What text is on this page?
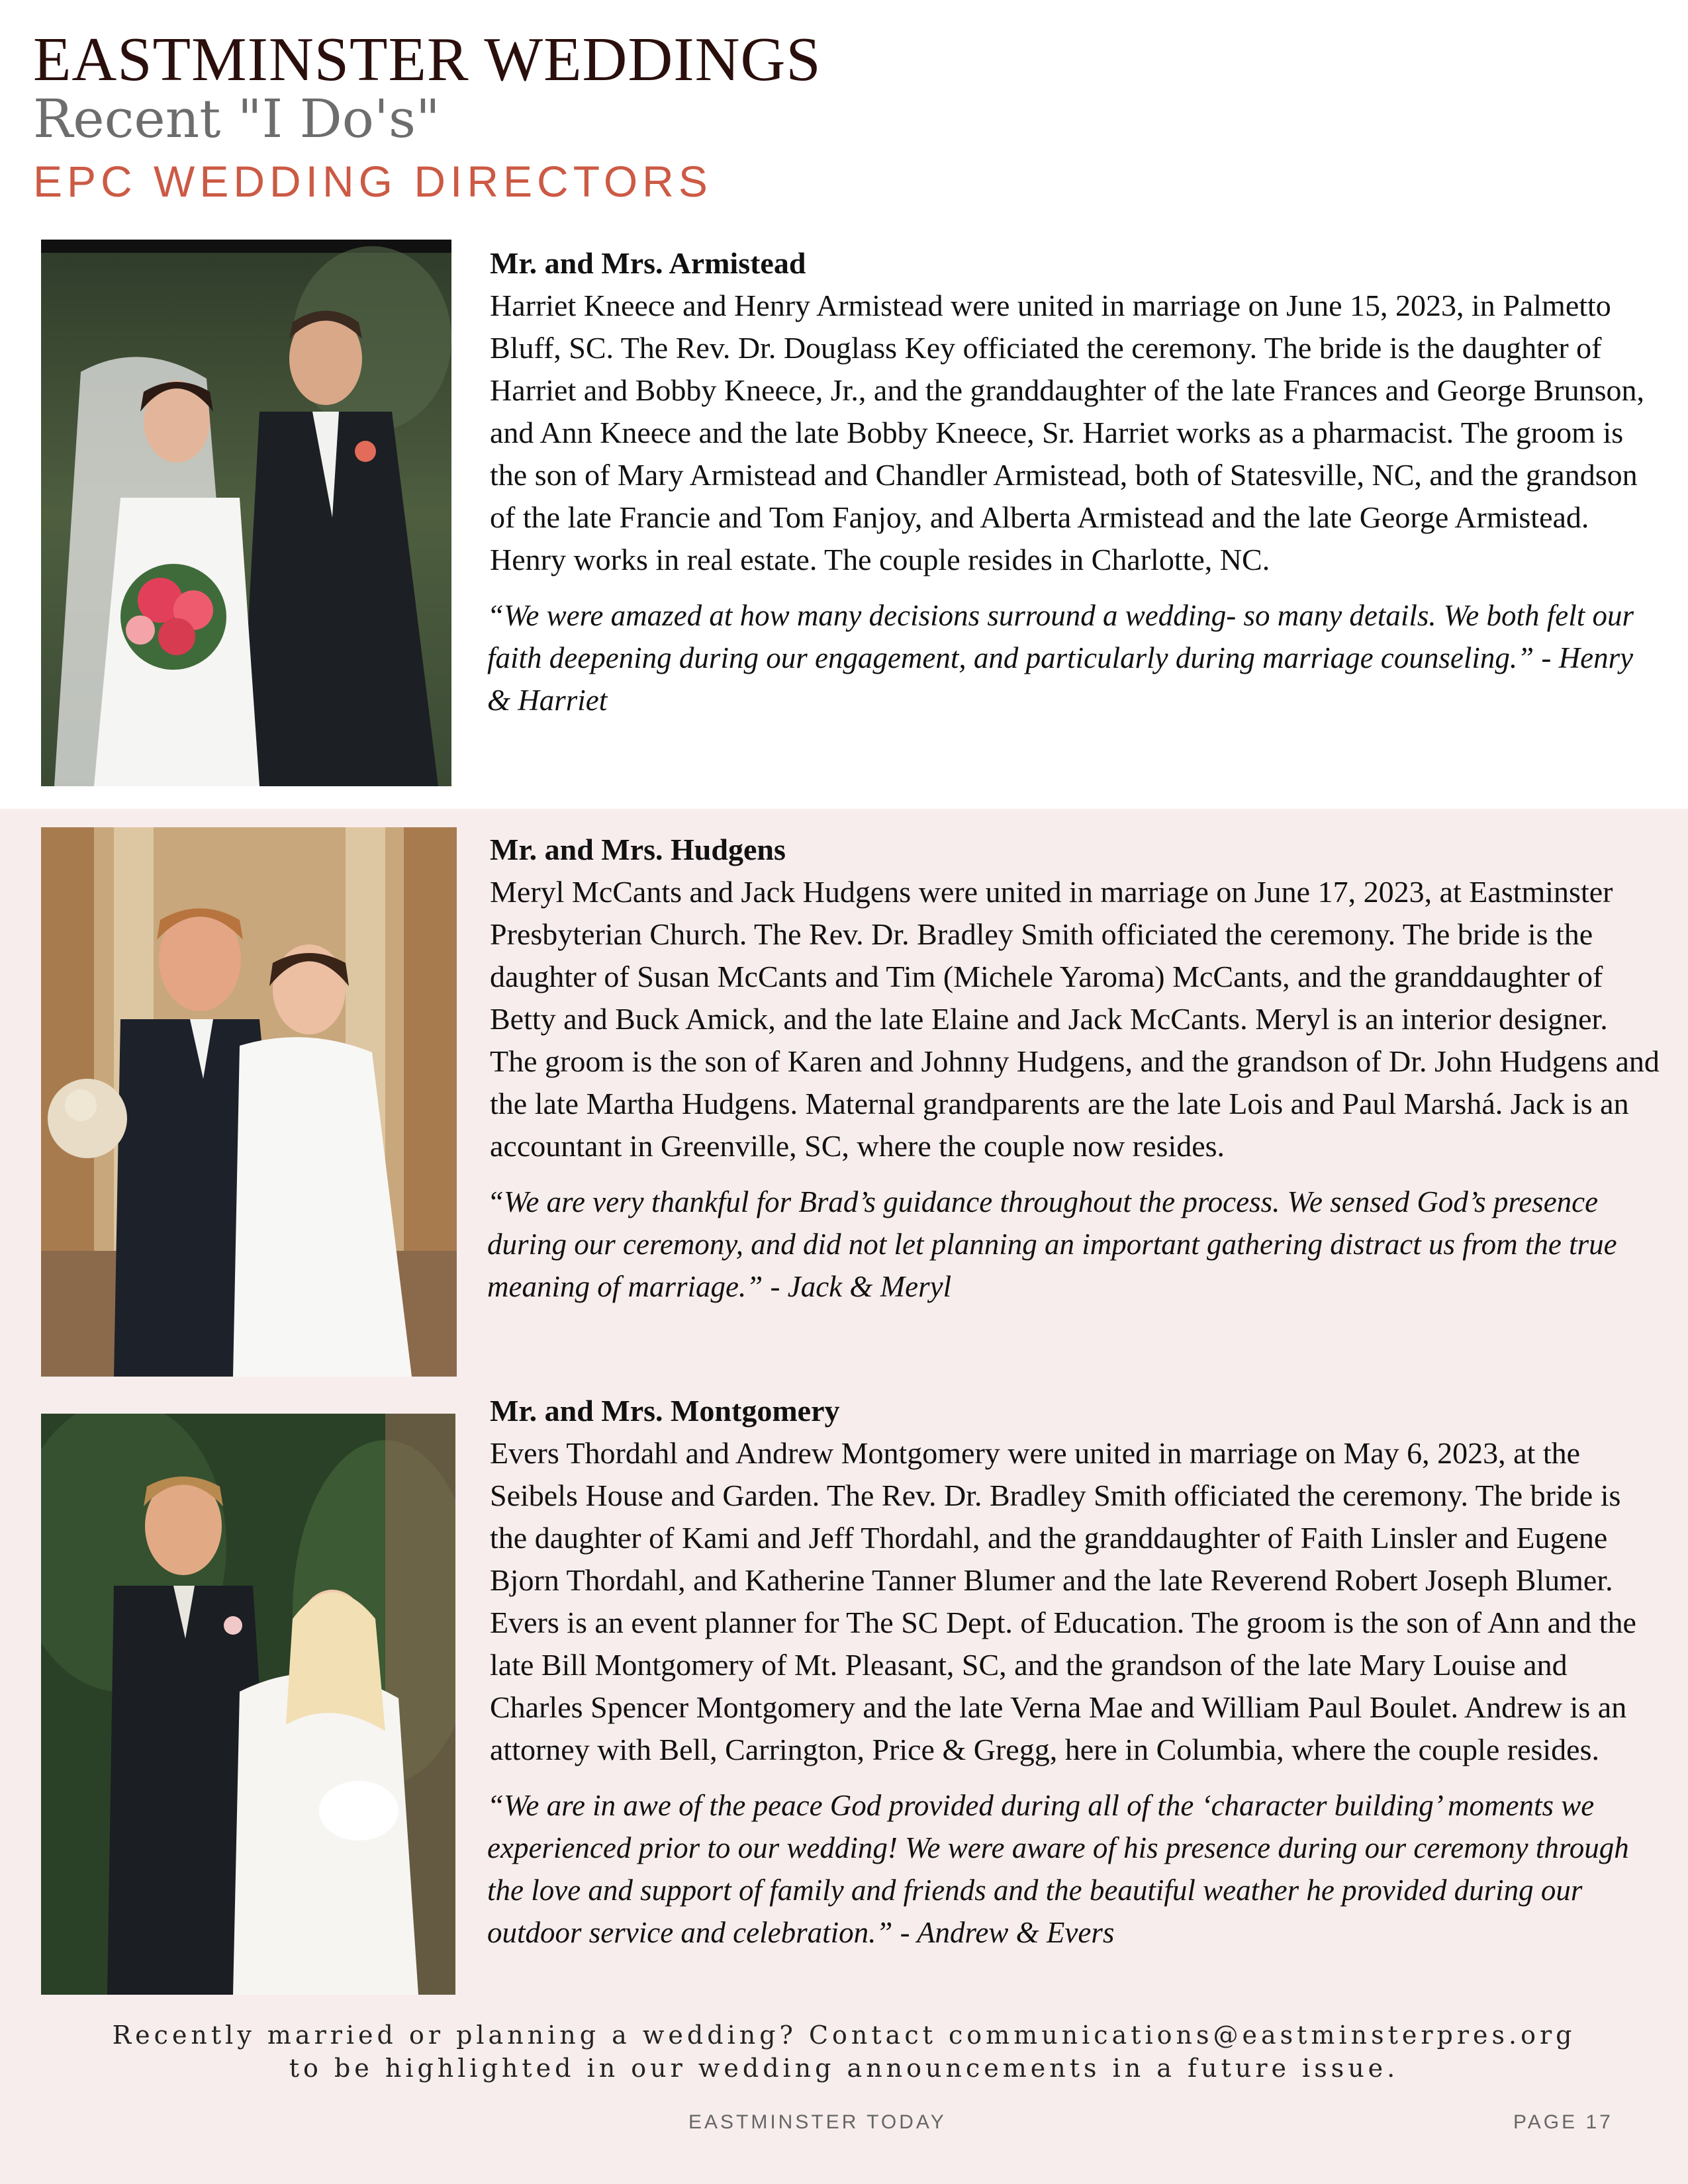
EASTMINSTER WEDDINGS
Recent "I Do's"
EPC WEDDING DIRECTORS
Mr. and Mrs. Armistead

Harriet Kneece and Henry Armistead were united in marriage on June 15, 2023, in Palmetto Bluff, SC. The Rev. Dr. Douglass Key officiated the ceremony. The bride is the daughter of Harriet and Bobby Kneece, Jr., and the granddaughter of the late Frances and George Brunson, and Ann Kneece and the late Bobby Kneece, Sr. Harriet works as a pharmacist. The groom is the son of Mary Armistead and Chandler Armistead, both of Statesville, NC, and the grandson of the late Francie and Tom Fanjoy, and Alberta Armistead and the late George Armistead. Henry works in real estate. The couple resides in Charlotte, NC.

“We were amazed at how many decisions surround a wedding- so many details. We both felt our faith deepening during our engagement, and particularly during marriage counseling.” - Henry & Harriet

Mr. and Mrs. Hudgens

Meryl McCants and Jack Hudgens were united in marriage on June 17, 2023, at Eastminster Presbyterian Church. The Rev. Dr. Bradley Smith officiated the ceremony. The bride is the daughter of Susan McCants and Tim (Michele Yaroma) McCants, and the granddaughter of Betty and Buck Amick, and the late Elaine and Jack McCants. Meryl is an interior designer. The groom is the son of Karen and Johnny Hudgens, and the grandson of Dr. John Hudgens and the late Martha Hudgens. Maternal grandparents are the late Lois and Paul Marshá. Jack is an accountant in Greenville, SC, where the couple now resides.

“We are very thankful for Brad’s guidance throughout the process. We sensed God’s presence during our ceremony, and did not let planning an important gathering distract us from the true meaning of marriage.” - Jack & Meryl

Mr. and Mrs. Montgomery

Evers Thordahl and Andrew Montgomery were united in marriage on May 6, 2023, at the Seibels House and Garden. The Rev. Dr. Bradley Smith officiated the ceremony. The bride is the daughter of Kami and Jeff Thordahl, and the granddaughter of Faith Linsler and Eugene Bjorn Thordahl, and Katherine Tanner Blumer and the late Reverend Robert Joseph Blumer. Evers is an event planner for The SC Dept. of Education. The groom is the son of Ann and the late Bill Montgomery of Mt. Pleasant, SC, and the grandson of the late Mary Louise and Charles Spencer Montgomery and the late Verna Mae and William Paul Boulet. Andrew is an attorney with Bell, Carrington, Price & Gregg, here in Columbia, where the couple resides.

“We are in awe of the peace God provided during all of the ‘character building’ moments we experienced prior to our wedding! We were aware of his presence during our ceremony through the love and support of family and friends and the beautiful weather he provided during our outdoor service and celebration.” - Andrew & Evers

Recently married or planning a wedding? Contact communications@eastminsterpres.org
to be highlighted in our wedding announcements in a future issue.
EASTMINSTER TODAY	PAGE 17
